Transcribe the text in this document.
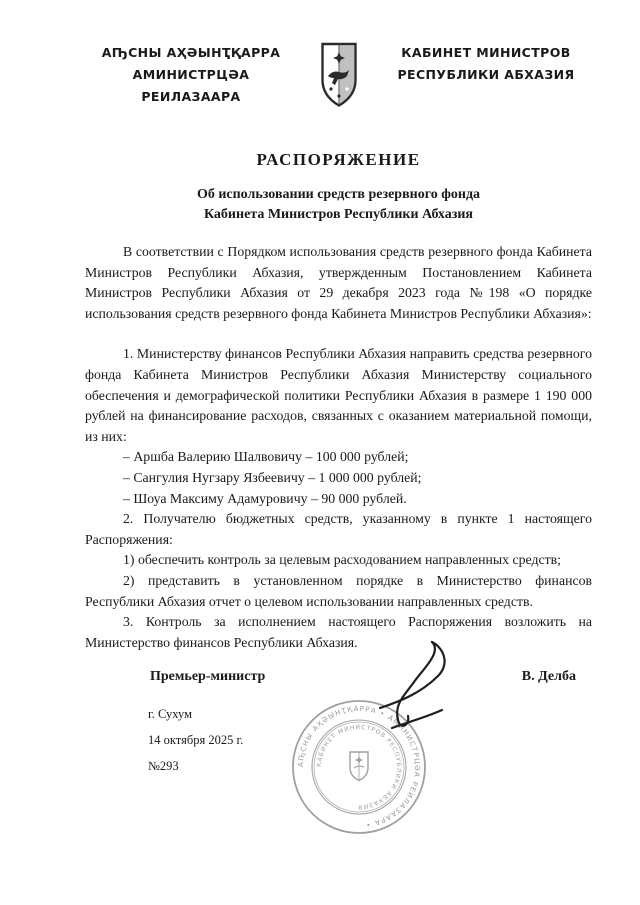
АҦСНЫ АҲӘЫНҬҚАРРА
АМИНИСТРЦӘА РЕИЛАЗААРА
КАБИНЕТ МИНИСТРОВ
РЕСПУБЛИКИ АБХАЗИЯ
РАСПОРЯЖЕНИЕ
Об использовании средств резервного фонда
Кабинета Министров Республики Абхазия

В соответствии с Порядком использования средств резервного фонда Кабинета Министров Республики Абхазия, утвержденным Постановлением Кабинета Министров Республики Абхазия от 29 декабря 2023 года №198 «О порядке использования средств резервного фонда Кабинета Министров Республики Абхазия»:

1. Министерству финансов Республики Абхазия направить средства резервного фонда Кабинета Министров Республики Абхазия Министерству социального обеспечения и демографической политики Республики Абхазия в размере 1 190 000 рублей на финансирование расходов, связанных с оказанием материальной помощи, из них:

– Аршба Валерию Шалвовичу – 100 000 рублей;

– Сангулия Нугзару Язбеевичу – 1 000 000 рублей;

– Шоуа Максиму Адамуровичу – 90 000 рублей.

2. Получателю бюджетных средств, указанному в пункте 1 настоящего Распоряжения:

1) обеспечить контроль за целевым расходованием направленных средств;

2) представить в установленном порядке в Министерство финансов Республики Абхазия отчет о целевом использовании направленных средств.

3. Контроль за исполнением настоящего Распоряжения возложить на Министерство финансов Республики Абхазия.

Премьер-министр	В. Делба
г. Сухум
14 октября 2025 г.
№293	АҦСНЫ АҲӘЫНҬҚАРРА • АМИНИСТРЦӘА РЕИЛАЗААРА •
КАБИНЕТ МИНИСТРОВ РЕСПУБЛИКИ АБХАЗИЯ
